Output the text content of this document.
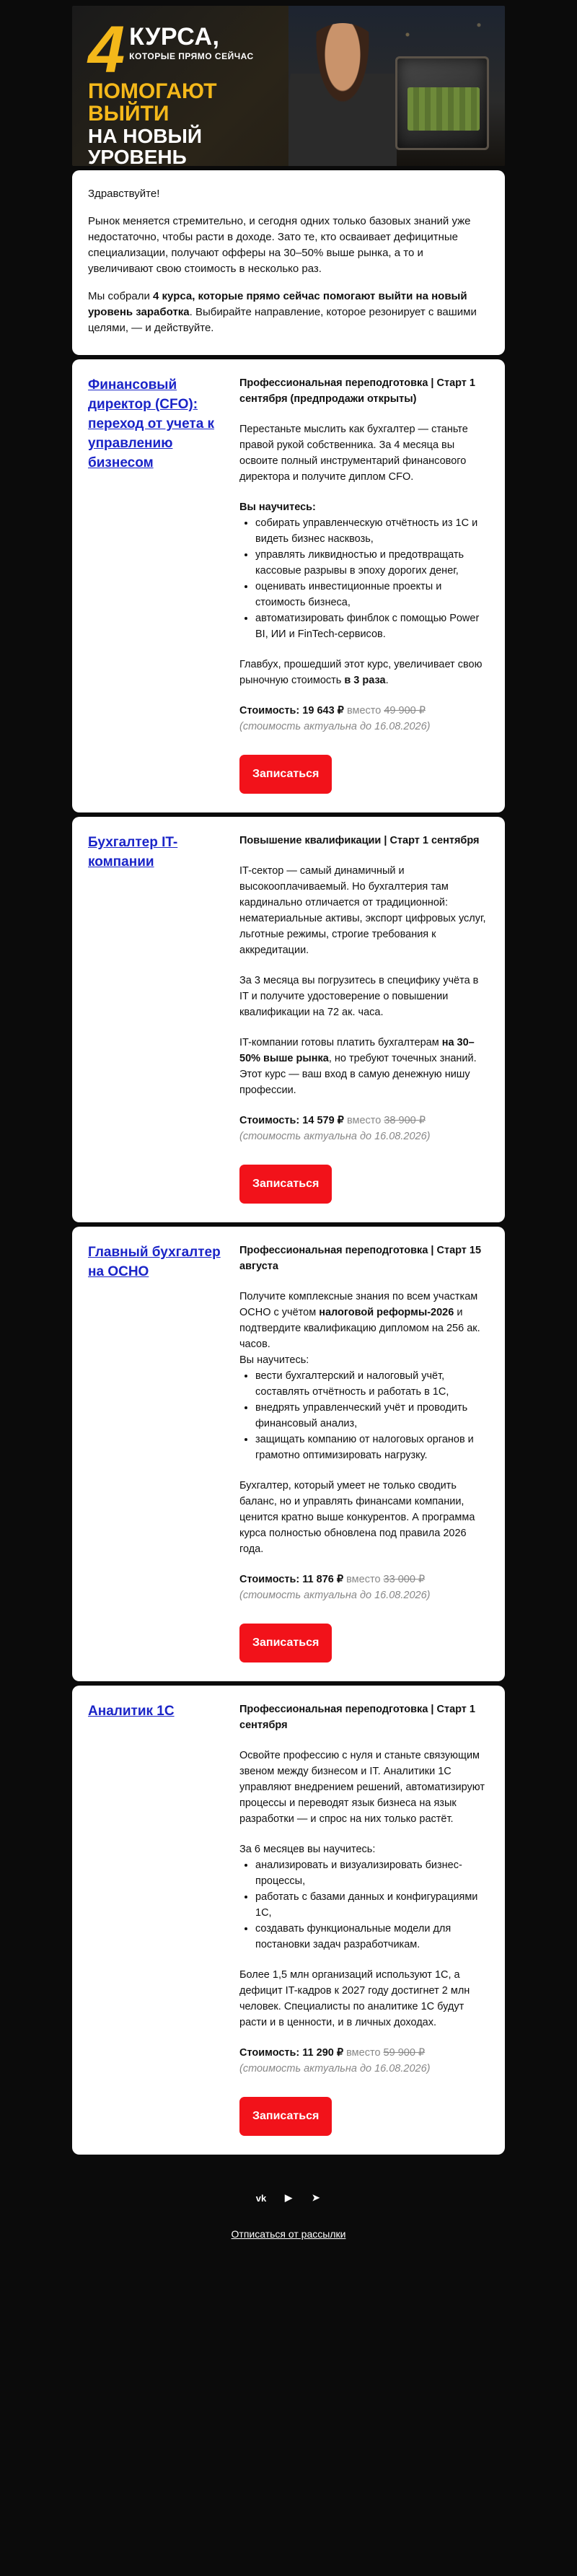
4 КУРСА,
КОТОРЫЕ ПРЯМО СЕЙЧАС
ПОМОГАЮТ ВЫЙТИ
НА НОВЫЙ УРОВЕНЬ

Здравствуйте!

Рынок меняется стремительно, и сегодня одних только базовых знаний уже недостаточно, чтобы расти в доходе. Зато те, кто осваивает дефицитные специализации, получают офферы на 30–50% выше рынка, а то и увеличивают свою стоимость в несколько раз.

Мы собрали 4 курса, которые прямо сейчас помогают выйти на новый уровень заработка. Выбирайте направление, которое резонирует с вашими целями, — и действуйте.

Финансовый директор (CFO): переход от учета к управлению бизнесом

Профессиональная переподготовка | Старт 1 сентября (предпродажи открыты)

Перестаньте мыслить как бухгалтер — станьте правой рукой собственника. За 4 месяца вы освоите полный инструментарий финансового директора и получите диплом CFO.

Вы научитесь:

• собирать управленческую отчётность из 1С и видеть бизнес насквозь,
• управлять ликвидностью и предотвращать кассовые разрывы в эпоху дорогих денег,
• оценивать инвестиционные проекты и стоимость бизнеса,
• автоматизировать финблок с помощью Power BI, ИИ и FinTech-сервисов.

Главбух, прошедший этот курс, увеличивает свою рыночную стоимость в 3 раза.

Стоимость: 19 643 ₽ вместо 49 900 ₽
(стоимость актуальна до 16.08.2026)
Записаться
Бухгалтер IT-компании

Повышение квалификации | Старт 1 сентября

IT-сектор — самый динамичный и высокооплачиваемый. Но бухгалтерия там кардинально отличается от традиционной: нематериальные активы, экспорт цифровых услуг, льготные режимы, строгие требования к аккредитации.

За 3 месяца вы погрузитесь в специфику учёта в IT и получите удостоверение о повышении квалификации на 72 ак. часа.

IT-компании готовы платить бухгалтерам на 30–50% выше рынка, но требуют точечных знаний. Этот курс — ваш вход в самую денежную нишу профессии.

Стоимость: 14 579 ₽ вместо 38 900 ₽
(стоимость актуальна до 16.08.2026)
Записаться
Главный бухгалтер на ОСНО

Профессиональная переподготовка | Старт 15 августа

Получите комплексные знания по всем участкам ОСНО с учётом налоговой реформы-2026 и подтвердите квалификацию дипломом на 256 ак. часов.

Вы научитесь:

• вести бухгалтерский и налоговый учёт, составлять отчётность и работать в 1С,
• внедрять управленческий учёт и проводить финансовый анализ,
• защищать компанию от налоговых органов и грамотно оптимизировать нагрузку.

Бухгалтер, который умеет не только сводить баланс, но и управлять финансами компании, ценится кратно выше конкурентов. А программа курса полностью обновлена под правила 2026 года.

Стоимость: 11 876 ₽ вместо 33 000 ₽
(стоимость актуальна до 16.08.2026)
Записаться
Аналитик 1С	Профессиональная переподготовка | Старт 1 сентября

Освойте профессию с нуля и станьте связующим звеном между бизнесом и IT. Аналитики 1С управляют внедрением решений, автоматизируют процессы и переводят язык бизнеса на язык разработки — и спрос на них только растёт.

За 6 месяцев вы научитесь:

• анализировать и визуализировать бизнес-процессы,
• работать с базами данных и конфигурациями 1С,
• создавать функциональные модели для постановки задач разработчикам.

Более 1,5 млн организаций используют 1С, а дефицит IT-кадров к 2027 году достигнет 2 млн человек. Специалисты по аналитике 1С будут расти и в ценности, и в личных доходах.

Стоимость: 11 290 ₽ вместо 59 900 ₽
(стоимость актуальна до 16.08.2026)
Записаться
vk	▶	➤
Отписаться от рассылки
